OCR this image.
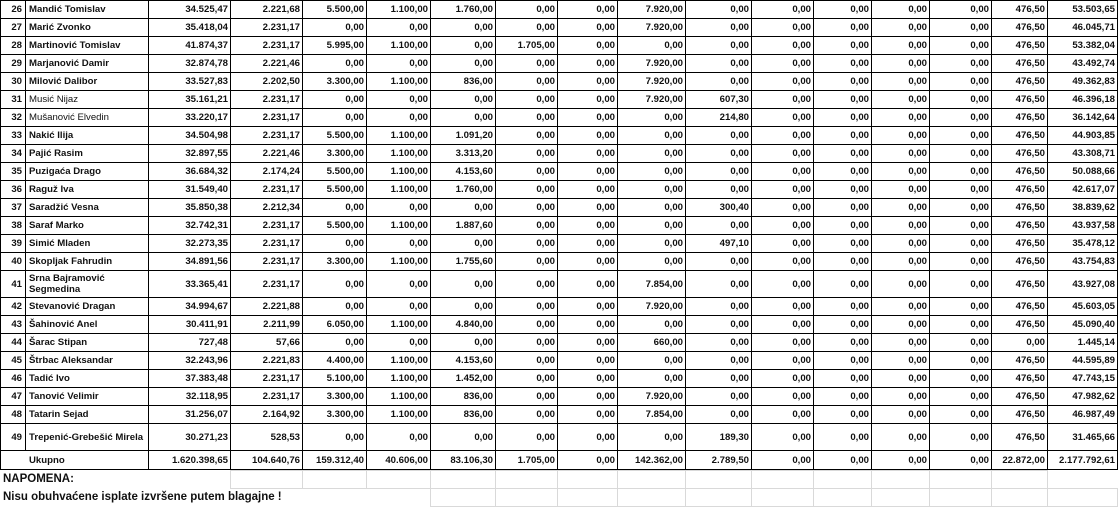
26	Mandić Tomislav	34.525,47	2.221,68	5.500,00	1.100,00	1.760,00	0,00	0,00	7.920,00	0,00	0,00	0,00	0,00	0,00	476,50	53.503,65
27	Marić Zvonko	35.418,04	2.231,17	0,00	0,00	0,00	0,00	0,00	7.920,00	0,00	0,00	0,00	0,00	0,00	476,50	46.045,71
28	Martinović Tomislav	41.874,37	2.231,17	5.995,00	1.100,00	0,00	1.705,00	0,00	0,00	0,00	0,00	0,00	0,00	0,00	476,50	53.382,04
29	Marjanović Damir	32.874,78	2.221,46	0,00	0,00	0,00	0,00	0,00	7.920,00	0,00	0,00	0,00	0,00	0,00	476,50	43.492,74
30	Milović Dalibor	33.527,83	2.202,50	3.300,00	1.100,00	836,00	0,00	0,00	7.920,00	0,00	0,00	0,00	0,00	0,00	476,50	49.362,83
31	Musić Nijaz	35.161,21	2.231,17	0,00	0,00	0,00	0,00	0,00	7.920,00	607,30	0,00	0,00	0,00	0,00	476,50	46.396,18
32	Mušanović Elvedin	33.220,17	2.231,17	0,00	0,00	0,00	0,00	0,00	0,00	214,80	0,00	0,00	0,00	0,00	476,50	36.142,64
33	Nakić Ilija	34.504,98	2.231,17	5.500,00	1.100,00	1.091,20	0,00	0,00	0,00	0,00	0,00	0,00	0,00	0,00	476,50	44.903,85
34	Pajić Rasim	32.897,55	2.221,46	3.300,00	1.100,00	3.313,20	0,00	0,00	0,00	0,00	0,00	0,00	0,00	0,00	476,50	43.308,71
35	Puzigaća Drago	36.684,32	2.174,24	5.500,00	1.100,00	4.153,60	0,00	0,00	0,00	0,00	0,00	0,00	0,00	0,00	476,50	50.088,66
36	Raguž Iva	31.549,40	2.231,17	5.500,00	1.100,00	1.760,00	0,00	0,00	0,00	0,00	0,00	0,00	0,00	0,00	476,50	42.617,07
37	Saradžić Vesna	35.850,38	2.212,34	0,00	0,00	0,00	0,00	0,00	0,00	300,40	0,00	0,00	0,00	0,00	476,50	38.839,62
38	Saraf Marko	32.742,31	2.231,17	5.500,00	1.100,00	1.887,60	0,00	0,00	0,00	0,00	0,00	0,00	0,00	0,00	476,50	43.937,58
39	Simić Mladen	32.273,35	2.231,17	0,00	0,00	0,00	0,00	0,00	0,00	497,10	0,00	0,00	0,00	0,00	476,50	35.478,12
40	Skopljak Fahrudin	34.891,56	2.231,17	3.300,00	1.100,00	1.755,60	0,00	0,00	0,00	0,00	0,00	0,00	0,00	0,00	476,50	43.754,83
41	Srna Bajramović Segmedina	33.365,41	2.231,17	0,00	0,00	0,00	0,00	0,00	7.854,00	0,00	0,00	0,00	0,00	0,00	476,50	43.927,08
42	Stevanović Dragan	34.994,67	2.221,88	0,00	0,00	0,00	0,00	0,00	7.920,00	0,00	0,00	0,00	0,00	0,00	476,50	45.603,05
43	Šahinović Anel	30.411,91	2.211,99	6.050,00	1.100,00	4.840,00	0,00	0,00	0,00	0,00	0,00	0,00	0,00	0,00	476,50	45.090,40
44	Šarac Stipan	727,48	57,66	0,00	0,00	0,00	0,00	0,00	660,00	0,00	0,00	0,00	0,00	0,00	0,00	1.445,14
45	Štrbac Aleksandar	32.243,96	2.221,83	4.400,00	1.100,00	4.153,60	0,00	0,00	0,00	0,00	0,00	0,00	0,00	0,00	476,50	44.595,89
46	Tadić Ivo	37.383,48	2.231,17	5.100,00	1.100,00	1.452,00	0,00	0,00	0,00	0,00	0,00	0,00	0,00	0,00	476,50	47.743,15
47	Tanović Velimir	32.118,95	2.231,17	3.300,00	1.100,00	836,00	0,00	0,00	7.920,00	0,00	0,00	0,00	0,00	0,00	476,50	47.982,62
48	Tatarin Sejad	31.256,07	2.164,92	3.300,00	1.100,00	836,00	0,00	0,00	7.854,00	0,00	0,00	0,00	0,00	0,00	476,50	46.987,49
49	Trepenić-Grebešić Mirela	30.271,23	528,53	0,00	0,00	0,00	0,00	0,00	0,00	189,30	0,00	0,00	0,00	0,00	476,50	31.465,66
Ukupno		1.620.398,65	104.640,76	159.312,40	40.606,00	83.106,30	1.705,00	0,00	142.362,00	2.789,50	0,00	0,00	0,00	0,00	22.872,00	2.177.792,61
NAPOMENA:														
Nisu obuhvaćene isplate izvršene putem blagajne !														
